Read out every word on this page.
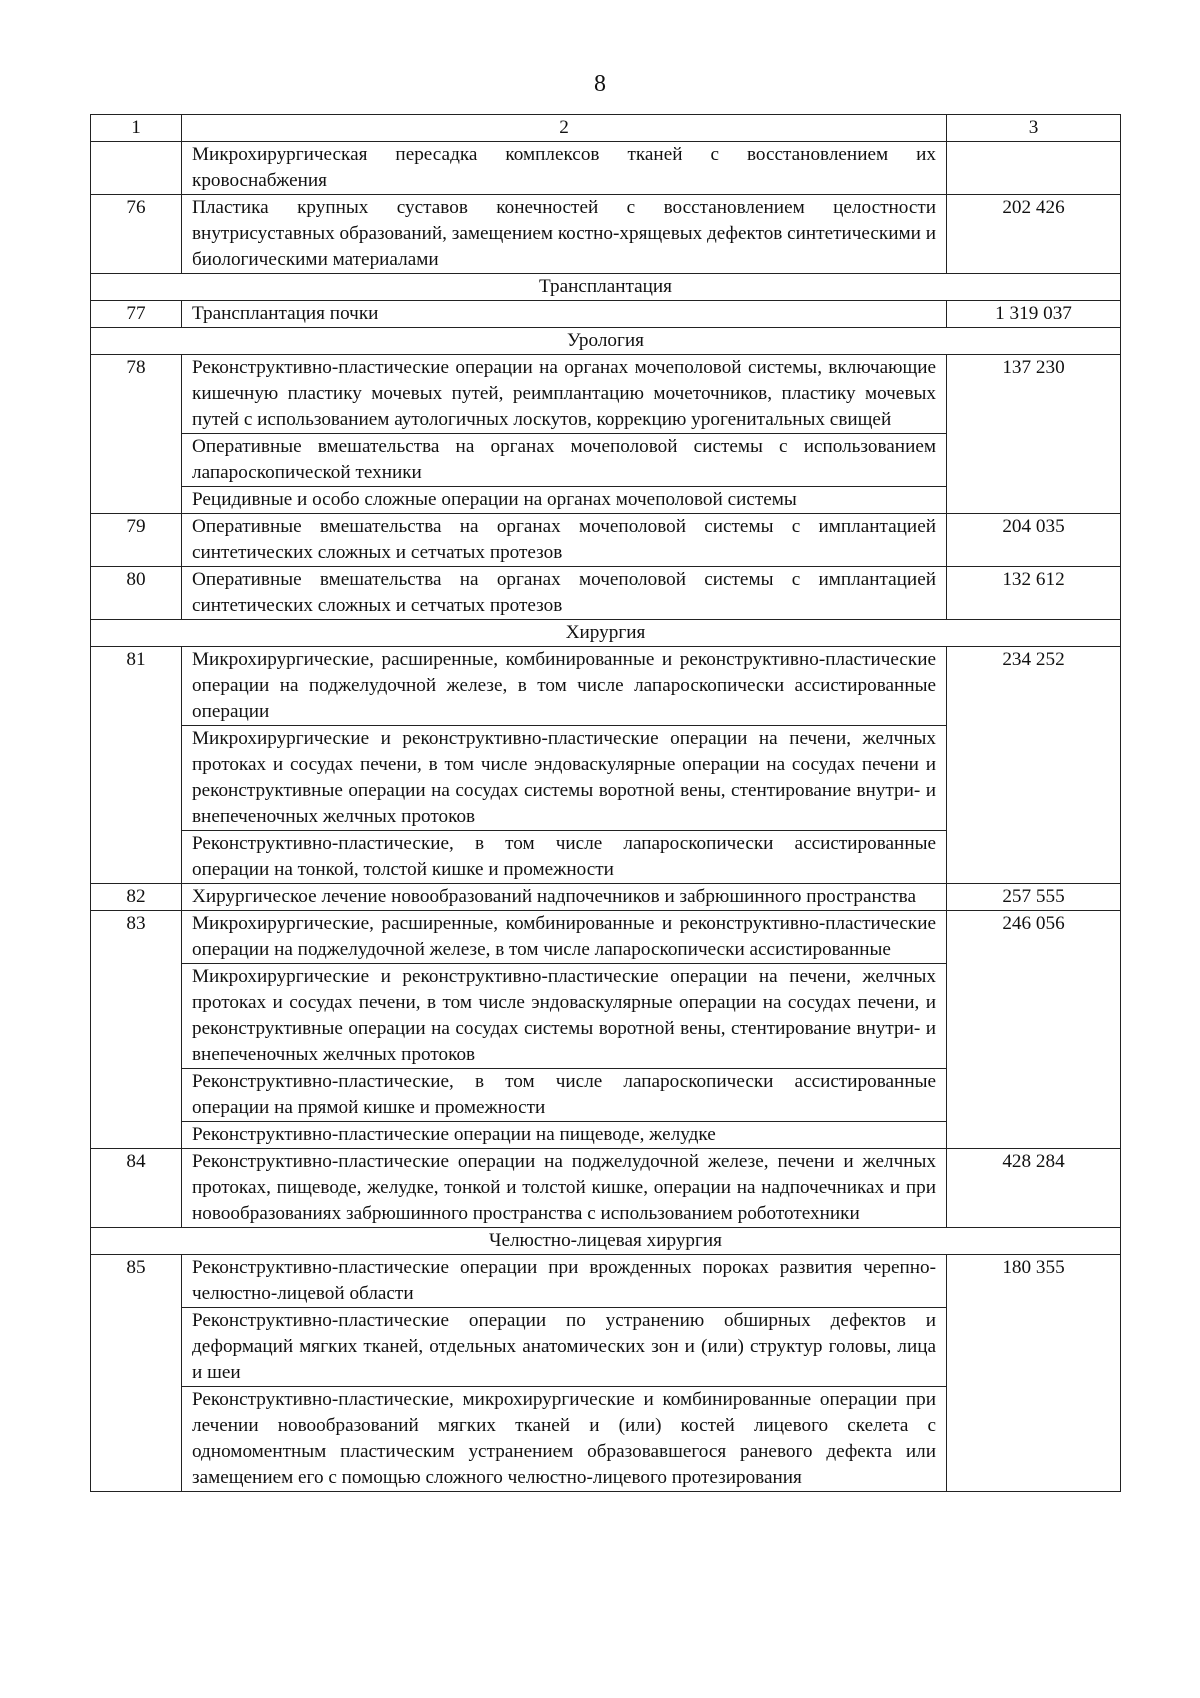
8
1	2	3
	Микрохирургическая пересадка комплексов тканей с восстановлением их кровоснабжения	
76	Пластика крупных суставов конечностей с восстановлением целостности внутрисуставных образований, замещением костно-хрящевых дефектов синтетическими и биологическими материалами	202 426
Трансплантация		
77	Трансплантация почки	1 319 037
Урология		
78	Реконструктивно-пластические операции на органах мочеполовой системы, включающие кишечную пластику мочевых путей, реимплантацию мочеточников, пластику мочевых путей с использованием аутологичных лоскутов, коррекцию урогенитальных свищей	137 230
	Оперативные вмешательства на органах мочеполовой системы с использованием лапароскопической техники	
	Рецидивные и особо сложные операции на органах мочеполовой системы	
79	Оперативные вмешательства на органах мочеполовой системы с имплантацией синтетических сложных и сетчатых протезов	204 035
80	Оперативные вмешательства на органах мочеполовой системы с имплантацией синтетических сложных и сетчатых протезов	132 612
Хирургия		
81	Микрохирургические, расширенные, комбинированные и реконструктивно-пластические операции на поджелудочной железе, в том числе лапароскопически ассистированные операции	234 252
	Микрохирургические и реконструктивно-пластические операции на печени, желчных протоках и сосудах печени, в том числе эндоваскулярные операции на сосудах печени и реконструктивные операции на сосудах системы воротной вены, стентирование внутри- и внепеченочных желчных протоков	
	Реконструктивно-пластические, в том числе лапароскопически ассистированные операции на тонкой, толстой кишке и промежности	
82	Хирургическое лечение новообразований надпочечников и забрюшинного пространства	257 555
83	Микрохирургические, расширенные, комбинированные и реконструктивно-пластические операции на поджелудочной железе, в том числе лапароскопически ассистированные	246 056
	Микрохирургические и реконструктивно-пластические операции на печени, желчных протоках и сосудах печени, в том числе эндоваскулярные операции на сосудах печени, и реконструктивные операции на сосудах системы воротной вены, стентирование внутри- и внепеченочных желчных протоков	
	Реконструктивно-пластические, в том числе лапароскопически ассистированные операции на прямой кишке и промежности	
	Реконструктивно-пластические операции на пищеводе, желудке	
84	Реконструктивно-пластические операции на поджелудочной железе, печени и желчных протоках, пищеводе, желудке, тонкой и толстой кишке, операции на надпочечниках и при новообразованиях забрюшинного пространства с использованием робототехники	428 284
Челюстно-лицевая хирургия		
85	Реконструктивно-пластические операции при врожденных пороках развития черепно-челюстно-лицевой области	180 355
	Реконструктивно-пластические операции по устранению обширных дефектов и деформаций мягких тканей, отдельных анатомических зон и (или) структур головы, лица и шеи	
	Реконструктивно-пластические, микрохирургические и комбинированные операции при лечении новообразований мягких тканей и (или) костей лицевого скелета с одномоментным пластическим устранением образовавшегося раневого дефекта или замещением его с помощью сложного челюстно-лицевого протезирования	
